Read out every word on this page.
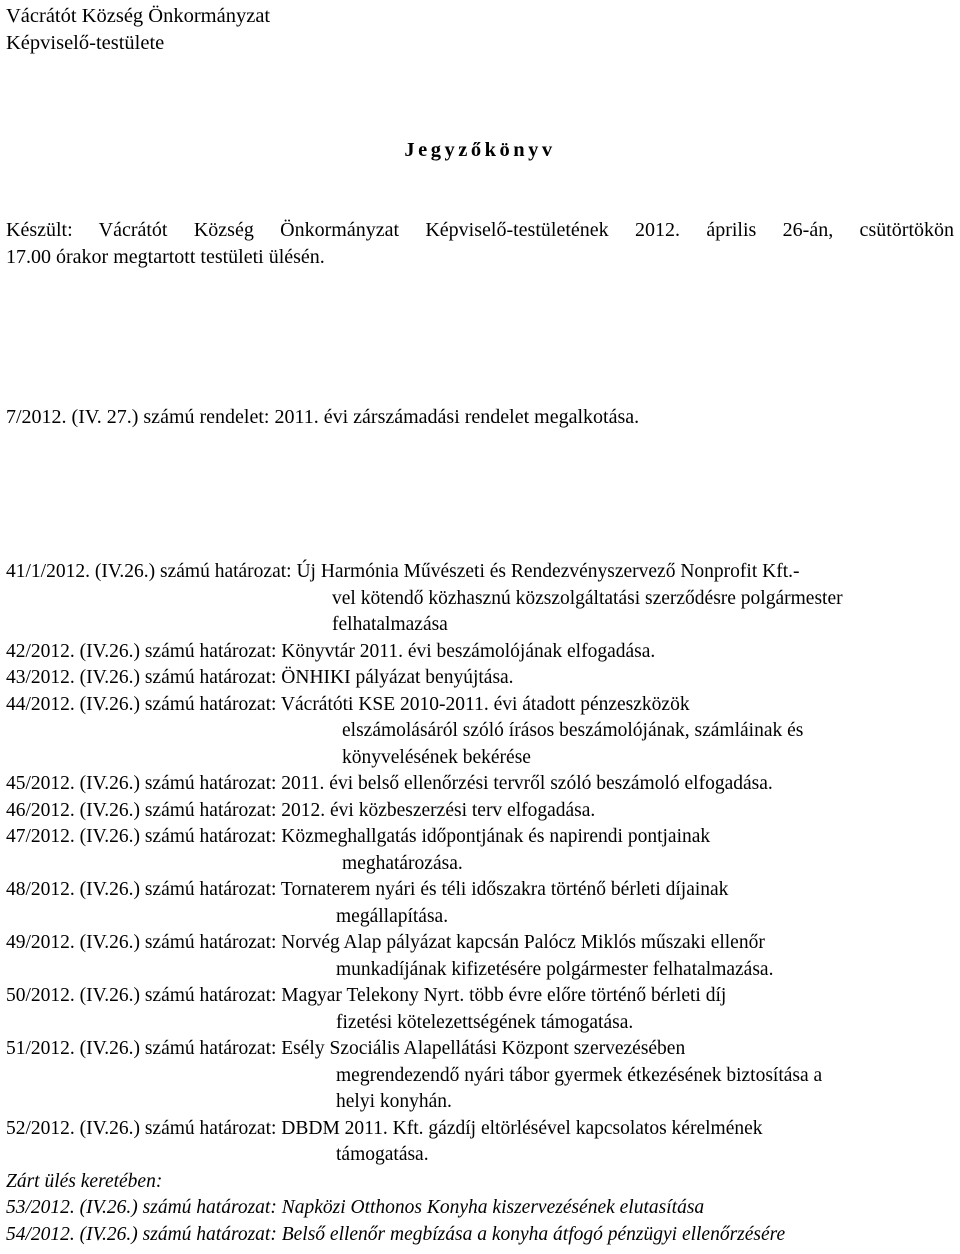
Vácrátót Község Önkormányzat
Képviselő-testülete
Jegyzőkönyv
Készült: Vácrátót Község Önkormányzat Képviselő-testületének 2012. április 26-án, csütörtökön
17.00 órakor megtartott testületi ülésén.
7/2012. (IV. 27.) számú rendelet: 2011. évi zárszámadási rendelet megalkotása.
41/1/2012. (IV.26.) számú határozat: Új Harmónia Művészeti és Rendezvényszervező Nonprofit Kft.-
vel kötendő közhasznú közszolgáltatási szerződésre polgármester
felhatalmazása
42/2012. (IV.26.) számú határozat: Könyvtár 2011. évi beszámolójának elfogadása.
43/2012. (IV.26.) számú határozat: ÖNHIKI pályázat benyújtása.
44/2012. (IV.26.) számú határozat: Vácrátóti KSE 2010-2011. évi átadott pénzeszközök
elszámolásáról szóló írásos beszámolójának, számláinak és
könyvelésének bekérése
45/2012. (IV.26.) számú határozat: 2011. évi belső ellenőrzési tervről szóló beszámoló elfogadása.
46/2012. (IV.26.) számú határozat: 2012. évi közbeszerzési terv elfogadása.
47/2012. (IV.26.) számú határozat: Közmeghallgatás időpontjának és napirendi pontjainak
meghatározása.
48/2012. (IV.26.) számú határozat: Tornaterem nyári és téli időszakra történő bérleti díjainak
megállapítása.
49/2012. (IV.26.) számú határozat: Norvég Alap pályázat kapcsán Palócz Miklós műszaki ellenőr
munkadíjának kifizetésére polgármester felhatalmazása.
50/2012. (IV.26.) számú határozat: Magyar Telekony Nyrt. több évre előre történő bérleti díj
fizetési kötelezettségének támogatása.
51/2012. (IV.26.) számú határozat: Esély Szociális Alapellátási Központ szervezésében
megrendezendő nyári tábor gyermek étkezésének biztosítása a
helyi konyhán.
52/2012. (IV.26.) számú határozat: DBDM 2011. Kft. gázdíj eltörlésével kapcsolatos kérelmének
támogatása.
Zárt ülés keretében:
53/2012. (IV.26.) számú határozat: Napközi Otthonos Konyha kiszervezésének elutasítása
54/2012. (IV.26.) számú határozat: Belső ellenőr megbízása a konyha átfogó pénzügyi ellenőrzésére
